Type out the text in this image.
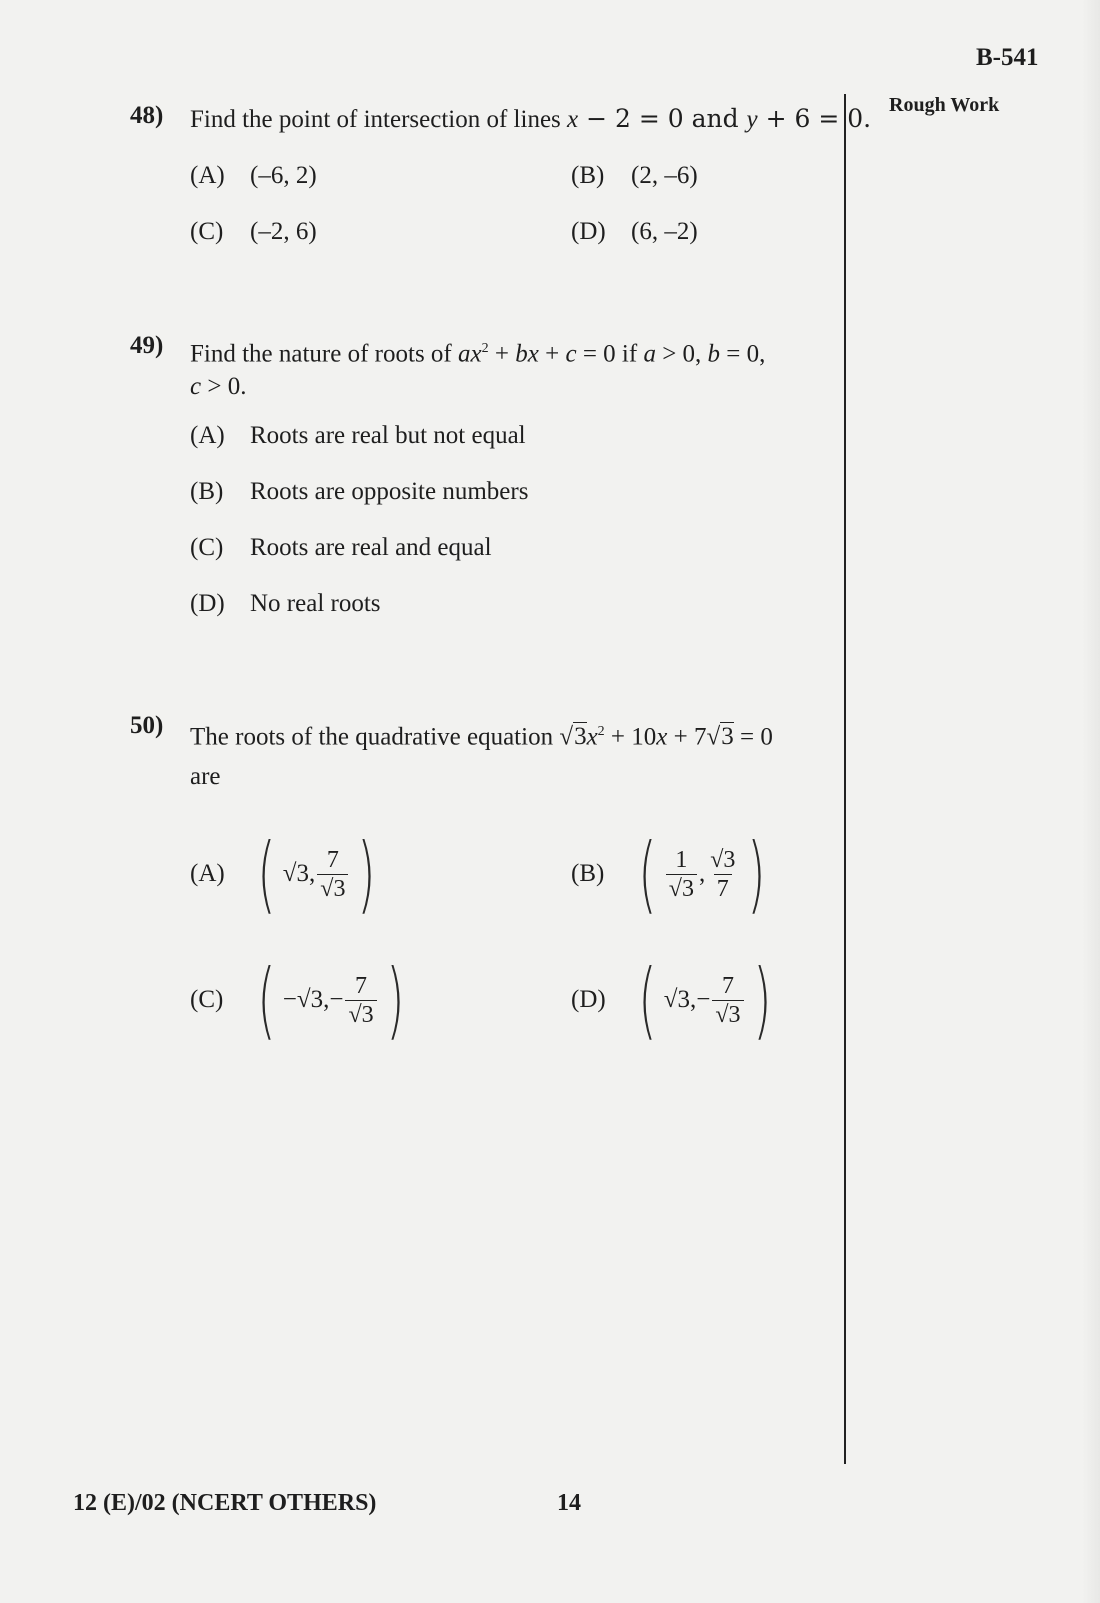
B-541
Rough Work
48) Find the point of intersection of lines x − 2 = 0 and y + 6 = 0.
(A) (–6, 2)	(B) (2, –6)
(C) (–2, 6)	(D) (6, –2)
49) Find the nature of roots of $ax^2$ + bx + c = 0 if a > 0, b = 0,
c > 0.
(A) Roots are real but not equal
(B) Roots are opposite numbers
(C) Roots are real and equal
(D) No real roots
50) The roots of the quadrative equation $√3x^2 + 10x + 7√3 = 0$
are
(A) ( √3, $\frac{7}{√3}$ )	(B) ( $\frac{1}{√3}$ , $\frac{√3}{7}$ )
(C) ( $-√3,- \frac{7}{√3}$ )	(D) ( $√3,- \frac{7}{√3}$ )
12 (E)/02 (NCERT OTHERS)	14
